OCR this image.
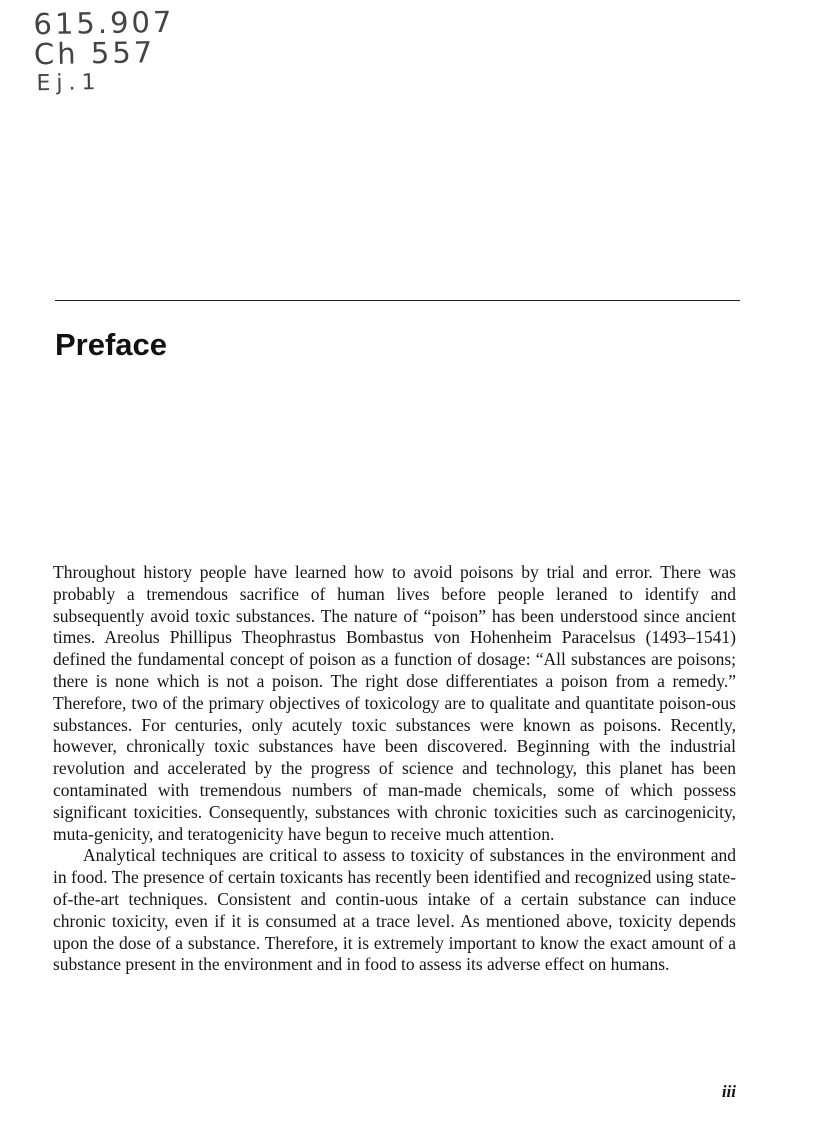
615.907
Ch 557
Ej.1
Preface

Throughout history people have learned how to avoid poisons by trial and error. There was probably a tremendous sacrifice of human lives before people leraned to identify and subsequently avoid toxic substances. The nature of “poison” has been understood since ancient times. Areolus Phillipus Theophrastus Bombastus von Hohenheim Paracelsus (1493–1541) defined the fundamental concept of poison as a function of dosage: “All substances are poisons; there is none which is not a poison. The right dose differentiates a poison from a remedy.” Therefore, two of the primary objectives of toxicology are to qualitate and quantitate poison-ous substances. For centuries, only acutely toxic substances were known as poisons. Recently, however, chronically toxic substances have been discovered. Beginning with the industrial revolution and accelerated by the progress of science and technology, this planet has been contaminated with tremendous numbers of man-made chemicals, some of which possess significant toxicities. Consequently, substances with chronic toxicities such as carcinogenicity, muta-genicity, and teratogenicity have begun to receive much attention.

Analytical techniques are critical to assess to toxicity of substances in the environment and in food. The presence of certain toxicants has recently been identified and recognized using state-of-the-art techniques. Consistent and contin-uous intake of a certain substance can induce chronic toxicity, even if it is consumed at a trace level. As mentioned above, toxicity depends upon the dose of a substance. Therefore, it is extremely important to know the exact amount of a substance present in the environment and in food to assess its adverse effect on humans.

iii
